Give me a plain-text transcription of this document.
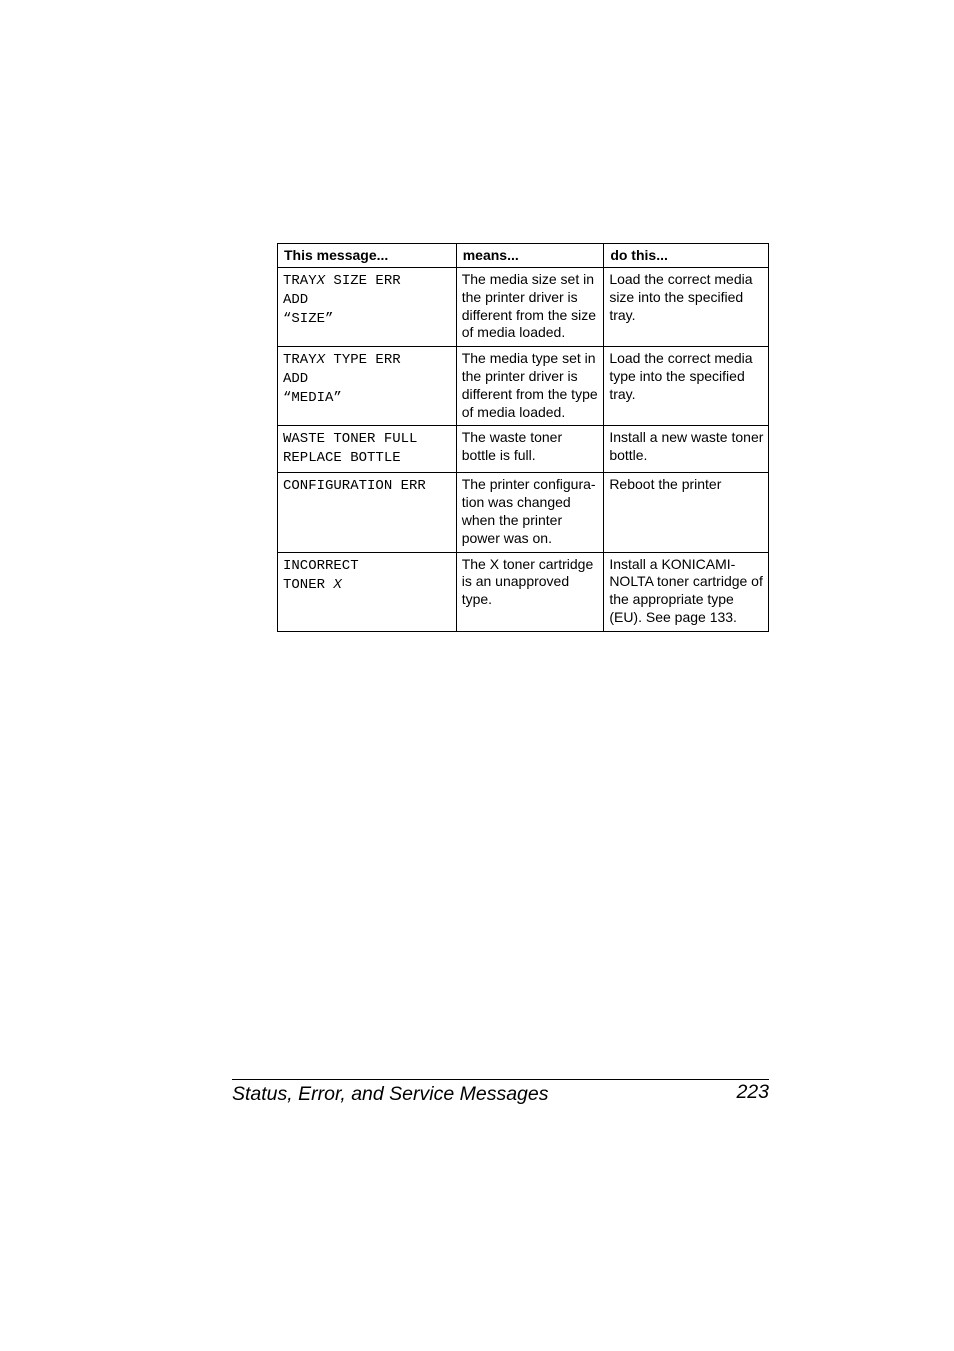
This message...	means...	do this...

TRAYX SIZE ERR
ADD
“SIZE”	The media size set in the printer driver is different from the size of media loaded.	Load the correct media size into the specified tray.

TRAYX TYPE ERR
ADD
“MEDIA”	The media type set in the printer driver is different from the type of media loaded.	Load the correct media type into the specified tray.

WASTE TONER FULL
REPLACE BOTTLE	The waste toner bottle is full.	Install a new waste toner bottle.

CONFIGURATION ERR	The printer configura-tion was changed when the printer power was on.	Reboot the printer

INCORRECT
TONER X	The X toner cartridge is an unapproved type.	Install a KONICAMI-NOLTA toner cartridge of the appropriate type (EU). See page 133.
Status, Error, and Service Messages	223
